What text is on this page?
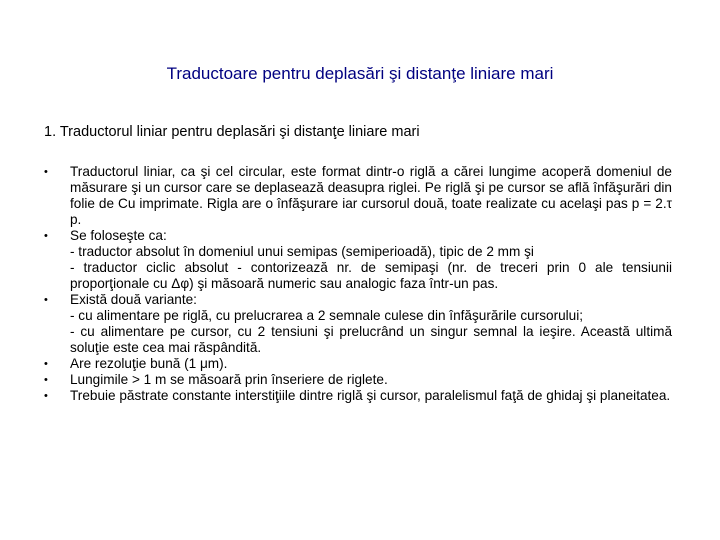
Traductoare pentru deplasări şi distanţe liniare mari
1. Traductorul liniar pentru deplasări şi distanţe liniare mari
• Traductorul liniar, ca şi cel circular, este format dintr-o riglă a cărei lungime acoperă domeniul de măsurare şi un cursor care se deplasează deasupra riglei. Pe riglă şi pe cursor se află înfăşurări din folie de Cu imprimate. Rigla are o înfăşurare iar cursorul două, toate realizate cu acelaşi pas p = 2.τ p.
• Se foloseşte ca:
- traductor absolut în domeniul unui semipas (semiperioadă), tipic de 2 mm şi
- traductor ciclic absolut - contorizează nr. de semipaşi (nr. de treceri prin 0 ale tensiunii proporţionale cu Δφ) şi măsoară numeric sau analogic faza într-un pas.
• Există două variante:
- cu alimentare pe riglă, cu prelucrarea a 2 semnale culese din înfăşurările cursorului;
- cu alimentare pe cursor, cu 2 tensiuni şi prelucrând un singur semnal la ieşire. Această ultimă soluţie este cea mai răspândită.
• Are rezoluţie bună (1 μm).
• Lungimile > 1 m se măsoară prin înseriere de riglete.
• Trebuie păstrate constante interstiţiile dintre riglă şi cursor, paralelismul faţă de ghidaj şi planeitatea.
